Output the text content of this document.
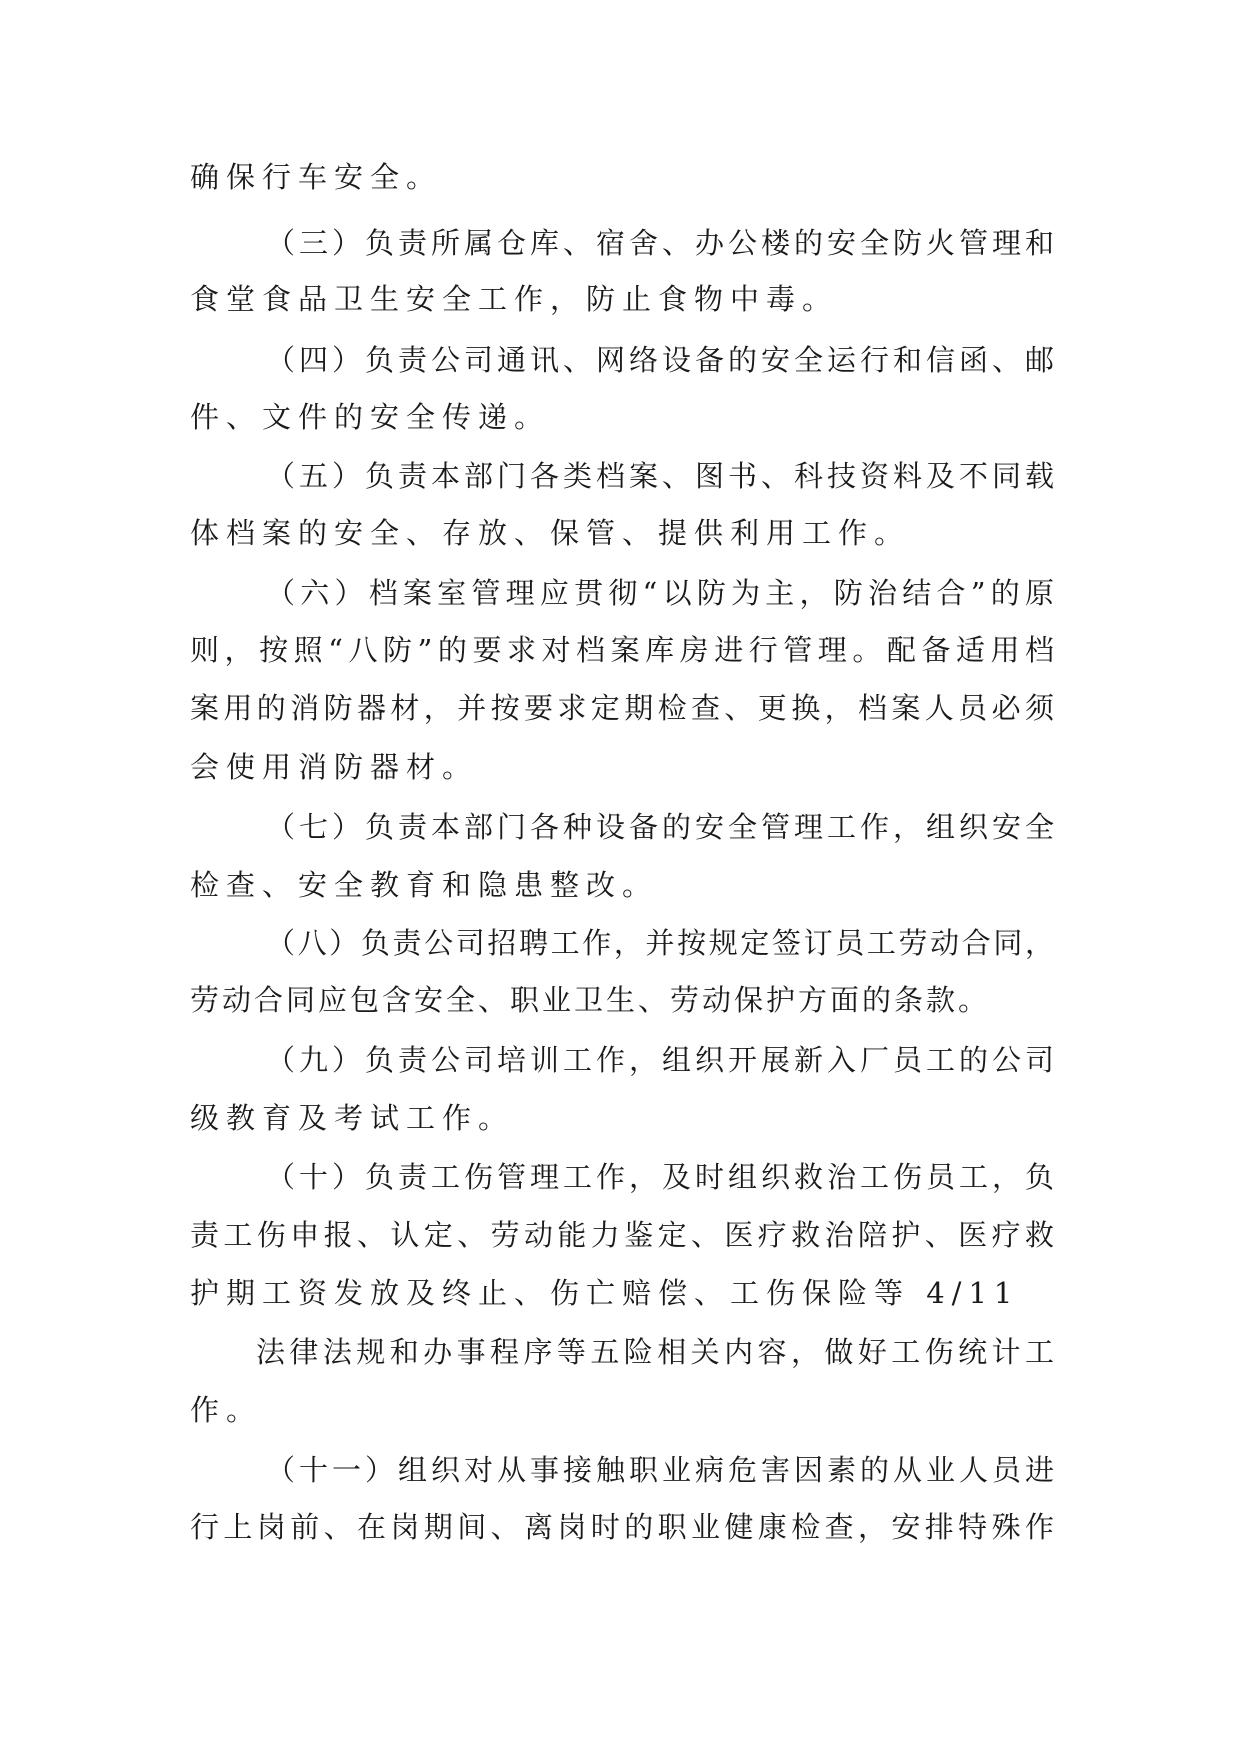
确保行车安全。
（三）负责所属仓库、宿舍、办公楼的安全防火管理和
食堂食品卫生安全工作，防止食物中毒。
（四）负责公司通讯、网络设备的安全运行和信函、邮
件、文件的安全传递。
（五）负责本部门各类档案、图书、科技资料及不同载
体档案的安全、存放、保管、提供利用工作。
（六）档案室管理应贯彻“以防为主，防治结合”的原
则，按照“八防”的要求对档案库房进行管理。配备适用档
案用的消防器材，并按要求定期检查、更换，档案人员必须
会使用消防器材。
（七）负责本部门各种设备的安全管理工作，组织安全
检查、安全教育和隐患整改。
（八）负责公司招聘工作，并按规定签订员工劳动合同，
劳动合同应包含安全、职业卫生、劳动保护方面的条款。
（九）负责公司培训工作，组织开展新入厂员工的公司
级教育及考试工作。
（十）负责工伤管理工作，及时组织救治工伤员工，负
责工伤申报、认定、劳动能力鉴定、医疗救治陪护、医疗救
护期工资发放及终止、伤亡赔偿、工伤保险等 4/11
法律法规和办事程序等五险相关内容，做好工伤统计工
作。
（十一）组织对从事接触职业病危害因素的从业人员进
行上岗前、在岗期间、离岗时的职业健康检查，安排特殊作
